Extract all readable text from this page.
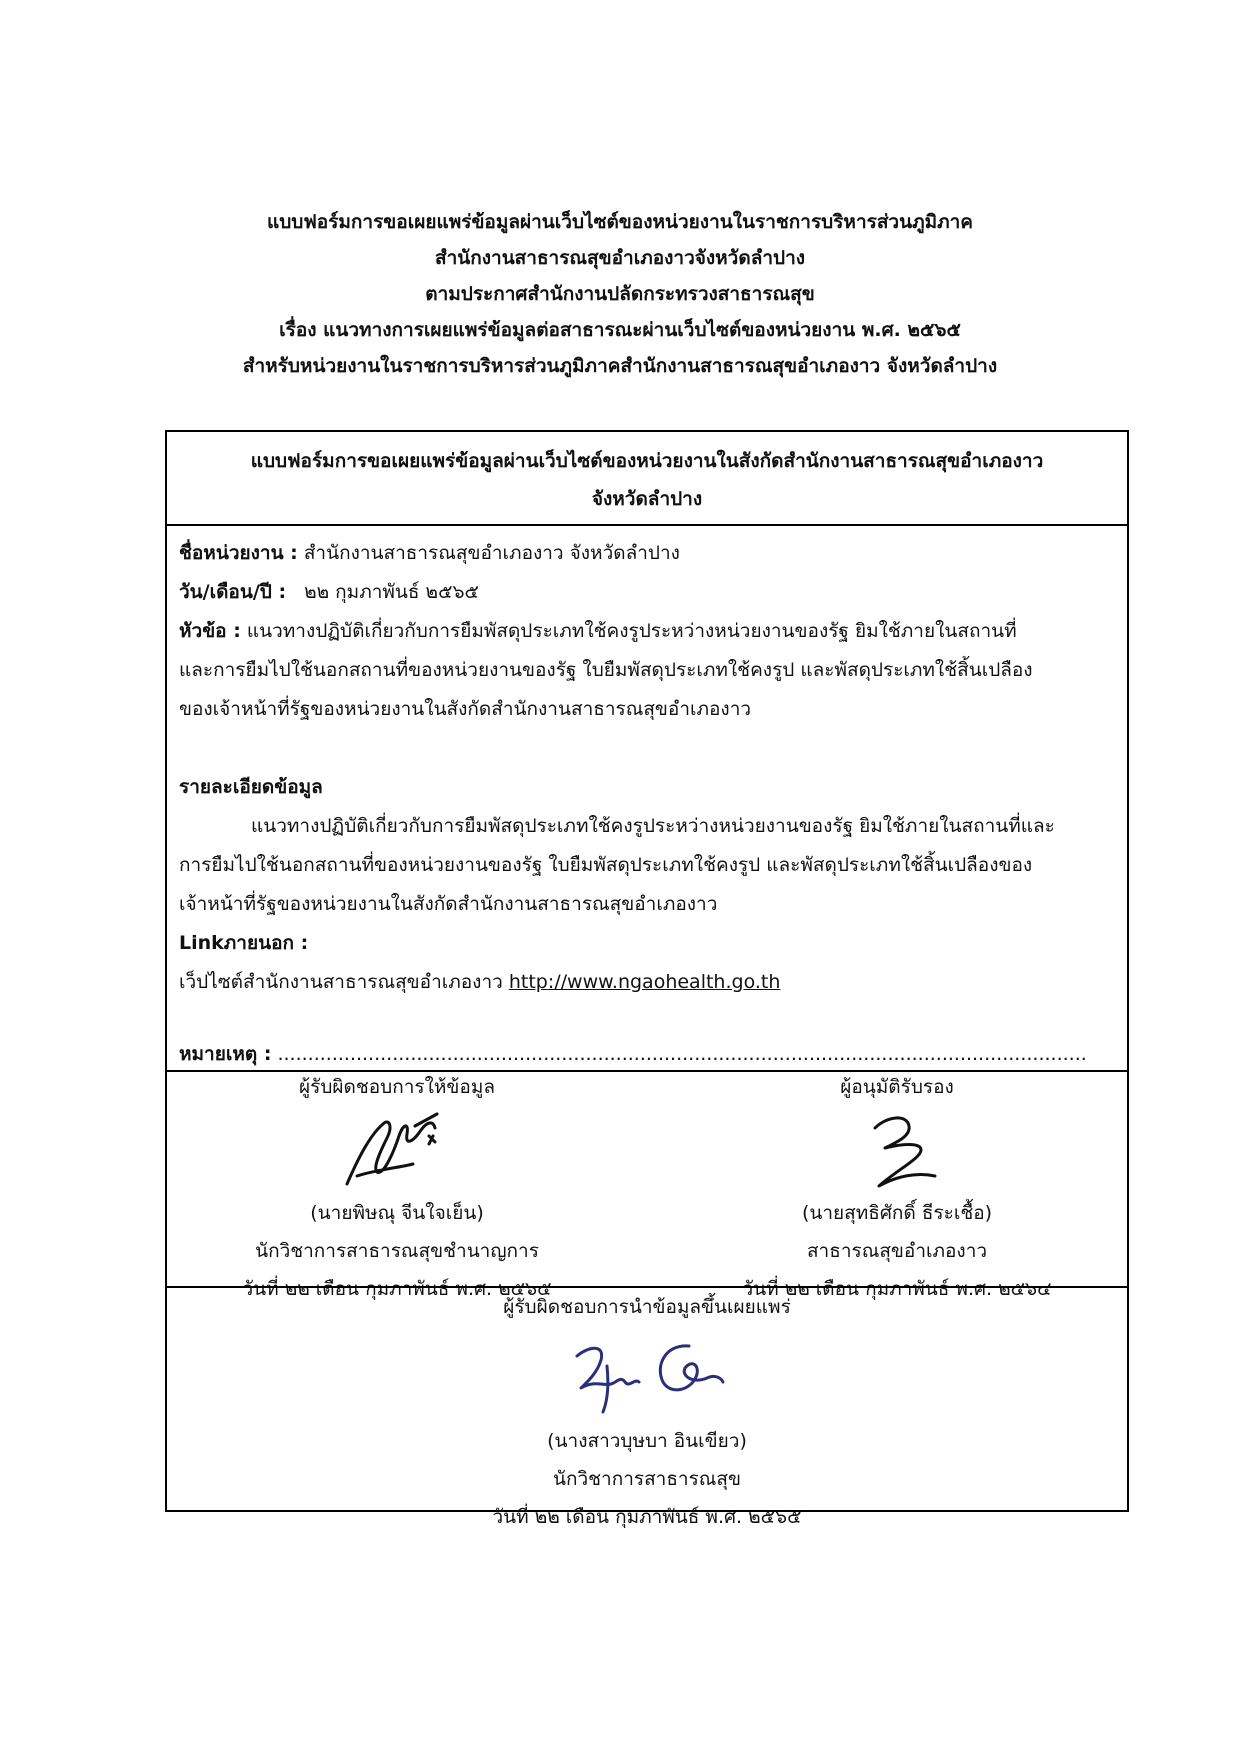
แบบฟอร์มการขอเผยแพร่ข้อมูลผ่านเว็บไซต์ของหน่วยงานในราชการบริหารส่วนภูมิภาค
สำนักงานสาธารณสุขอำเภองาวจังหวัดลำปาง
ตามประกาศสำนักงานปลัดกระทรวงสาธารณสุข
เรื่อง แนวทางการเผยแพร่ข้อมูลต่อสาธารณะผ่านเว็บไซต์ของหน่วยงาน พ.ศ. ๒๕๖๕
สำหรับหน่วยงานในราชการบริหารส่วนภูมิภาคสำนักงานสาธารณสุขอำเภองาว จังหวัดลำปาง
แบบฟอร์มการขอเผยแพร่ข้อมูลผ่านเว็บไซต์ของหน่วยงานในสังกัดสำนักงานสาธารณสุขอำเภองาว
จังหวัดลำปาง
ชื่อหน่วยงาน : สำนักงานสาธารณสุขอำเภองาว จังหวัดลำปาง
วัน/เดือน/ปี : ๒๒ กุมภาพันธ์ ๒๕๖๕
หัวข้อ : แนวทางปฏิบัติเกี่ยวกับการยืมพัสดุประเภทใช้คงรูประหว่างหน่วยงานของรัฐ ยิมใช้ภายในสถานที่
และการยืมไปใช้นอกสถานที่ของหน่วยงานของรัฐ ใบยืมพัสดุประเภทใช้คงรูป และพัสดุประเภทใช้สิ้นเปลือง
ของเจ้าหน้าที่รัฐของหน่วยงานในสังกัดสำนักงานสาธารณสุขอำเภองาว
รายละเอียดข้อมูล
แนวทางปฏิบัติเกี่ยวกับการยืมพัสดุประเภทใช้คงรูประหว่างหน่วยงานของรัฐ ยิมใช้ภายในสถานที่และ
การยืมไปใช้นอกสถานที่ของหน่วยงานของรัฐ ใบยืมพัสดุประเภทใช้คงรูป และพัสดุประเภทใช้สิ้นเปลืองของ
เจ้าหน้าที่รัฐของหน่วยงานในสังกัดสำนักงานสาธารณสุขอำเภองาว
Linkภายนอก :
เว็ปไซต์สำนักงานสาธารณสุขอำเภองาว http://www.ngaohealth.go.th
หมายเหตุ : ......................................................................................................................................
ผู้รับผิดชอบการให้ข้อมูล
(นายพิษณุ จีนใจเย็น)
นักวิชาการสาธารณสุขชำนาญการ
วันที่ ๒๒ เดือน กุมภาพันธ์ พ.ศ. ๒๕๖๕
ผู้อนุมัติรับรอง
(นายสุทธิศักดิ์ ธีระเชื้อ)
สาธารณสุขอำเภองาว
วันที่ ๒๒ เดือน กุมภาพันธ์ พ.ศ. ๒๕๖๔
ผู้รับผิดชอบการนำข้อมูลขึ้นเผยแพร่
(นางสาวบุษบา อินเขียว)
นักวิชาการสาธารณสุข
วันที่ ๒๒ เดือน กุมภาพันธ์ พ.ศ. ๒๕๖๕
